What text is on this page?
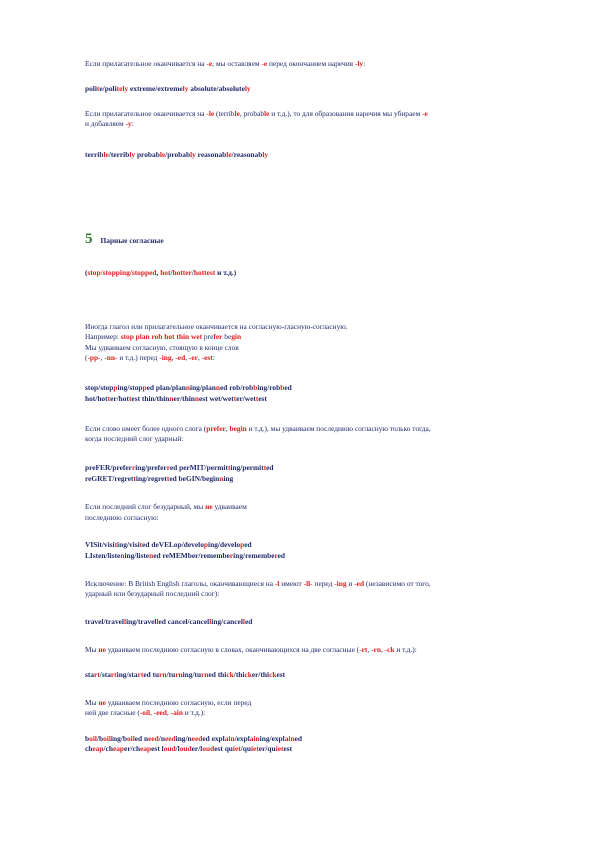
5 Парные согласные
Если прилагательное оканчивается на -e, мы оставляем -e перед окончанием наречия -ly:
polite/politely extreme/extremely absolute/absolutely
Если прилагательное оканчивается на -le (terrible, probable и т.д.), то для образования наречия мы убираем -e
и добавляем -y:
terrible/terribly probable/probably reasonable/reasonably
(stop/stopping/stopped, hot/hotter/hottest и т.д.)
Иногда глагол или прилагательное оканчивается на согласную-гласную-согласную.
Например: stop plan rob hot thin wet prefer begin
Мы удваиваем согласную, стоящую в конце слов
(-pp-, -nn- и т.д.) перед -ing, -ed, -er, -est:
stop/stopping/stopped plan/planning/planned rob/robbing/robbed
hot/hotter/hottest thin/thinner/thinnest wet/wetter/wettest
Если слово имеет более одного слога (prefer, begin и т.д.), мы удваиваем последнюю согласную только тогда,
когда последний слог ударный:
preFER/preferring/preferred perMIT/permitting/permitted
reGRET/regretting/regretted beGIN/beginning
Если последний слог безударный, мы не удваиваем
последнюю согласную:
VISit/visiting/visited deVELop/developing/developed
LIsten/listening/listened reMEMber/remembering/remembered
Исключение: В British English глаголы, оканчивающиеся на -l имеют -ll- перед -ing и -ed (независимо от того,
ударный или безударный последний слог):
travel/travelling/travelled cancel/cancelling/cancelled
Мы не удваиваем последнюю согласную в словах, оканчивающихся на две согласные (-rt, -rn, -ck и т.д.):
start/starting/started turn/turning/turned thick/thicker/thickest
Мы не удваиваем последнюю согласную, если перед
ней две гласные (-oil, -eed, -ain и т.д.):
boil/boiling/boiled need/needing/needed explain/explaining/explained
cheap/cheaper/cheapest loud/louder/loudest quiet/quieter/quietest
